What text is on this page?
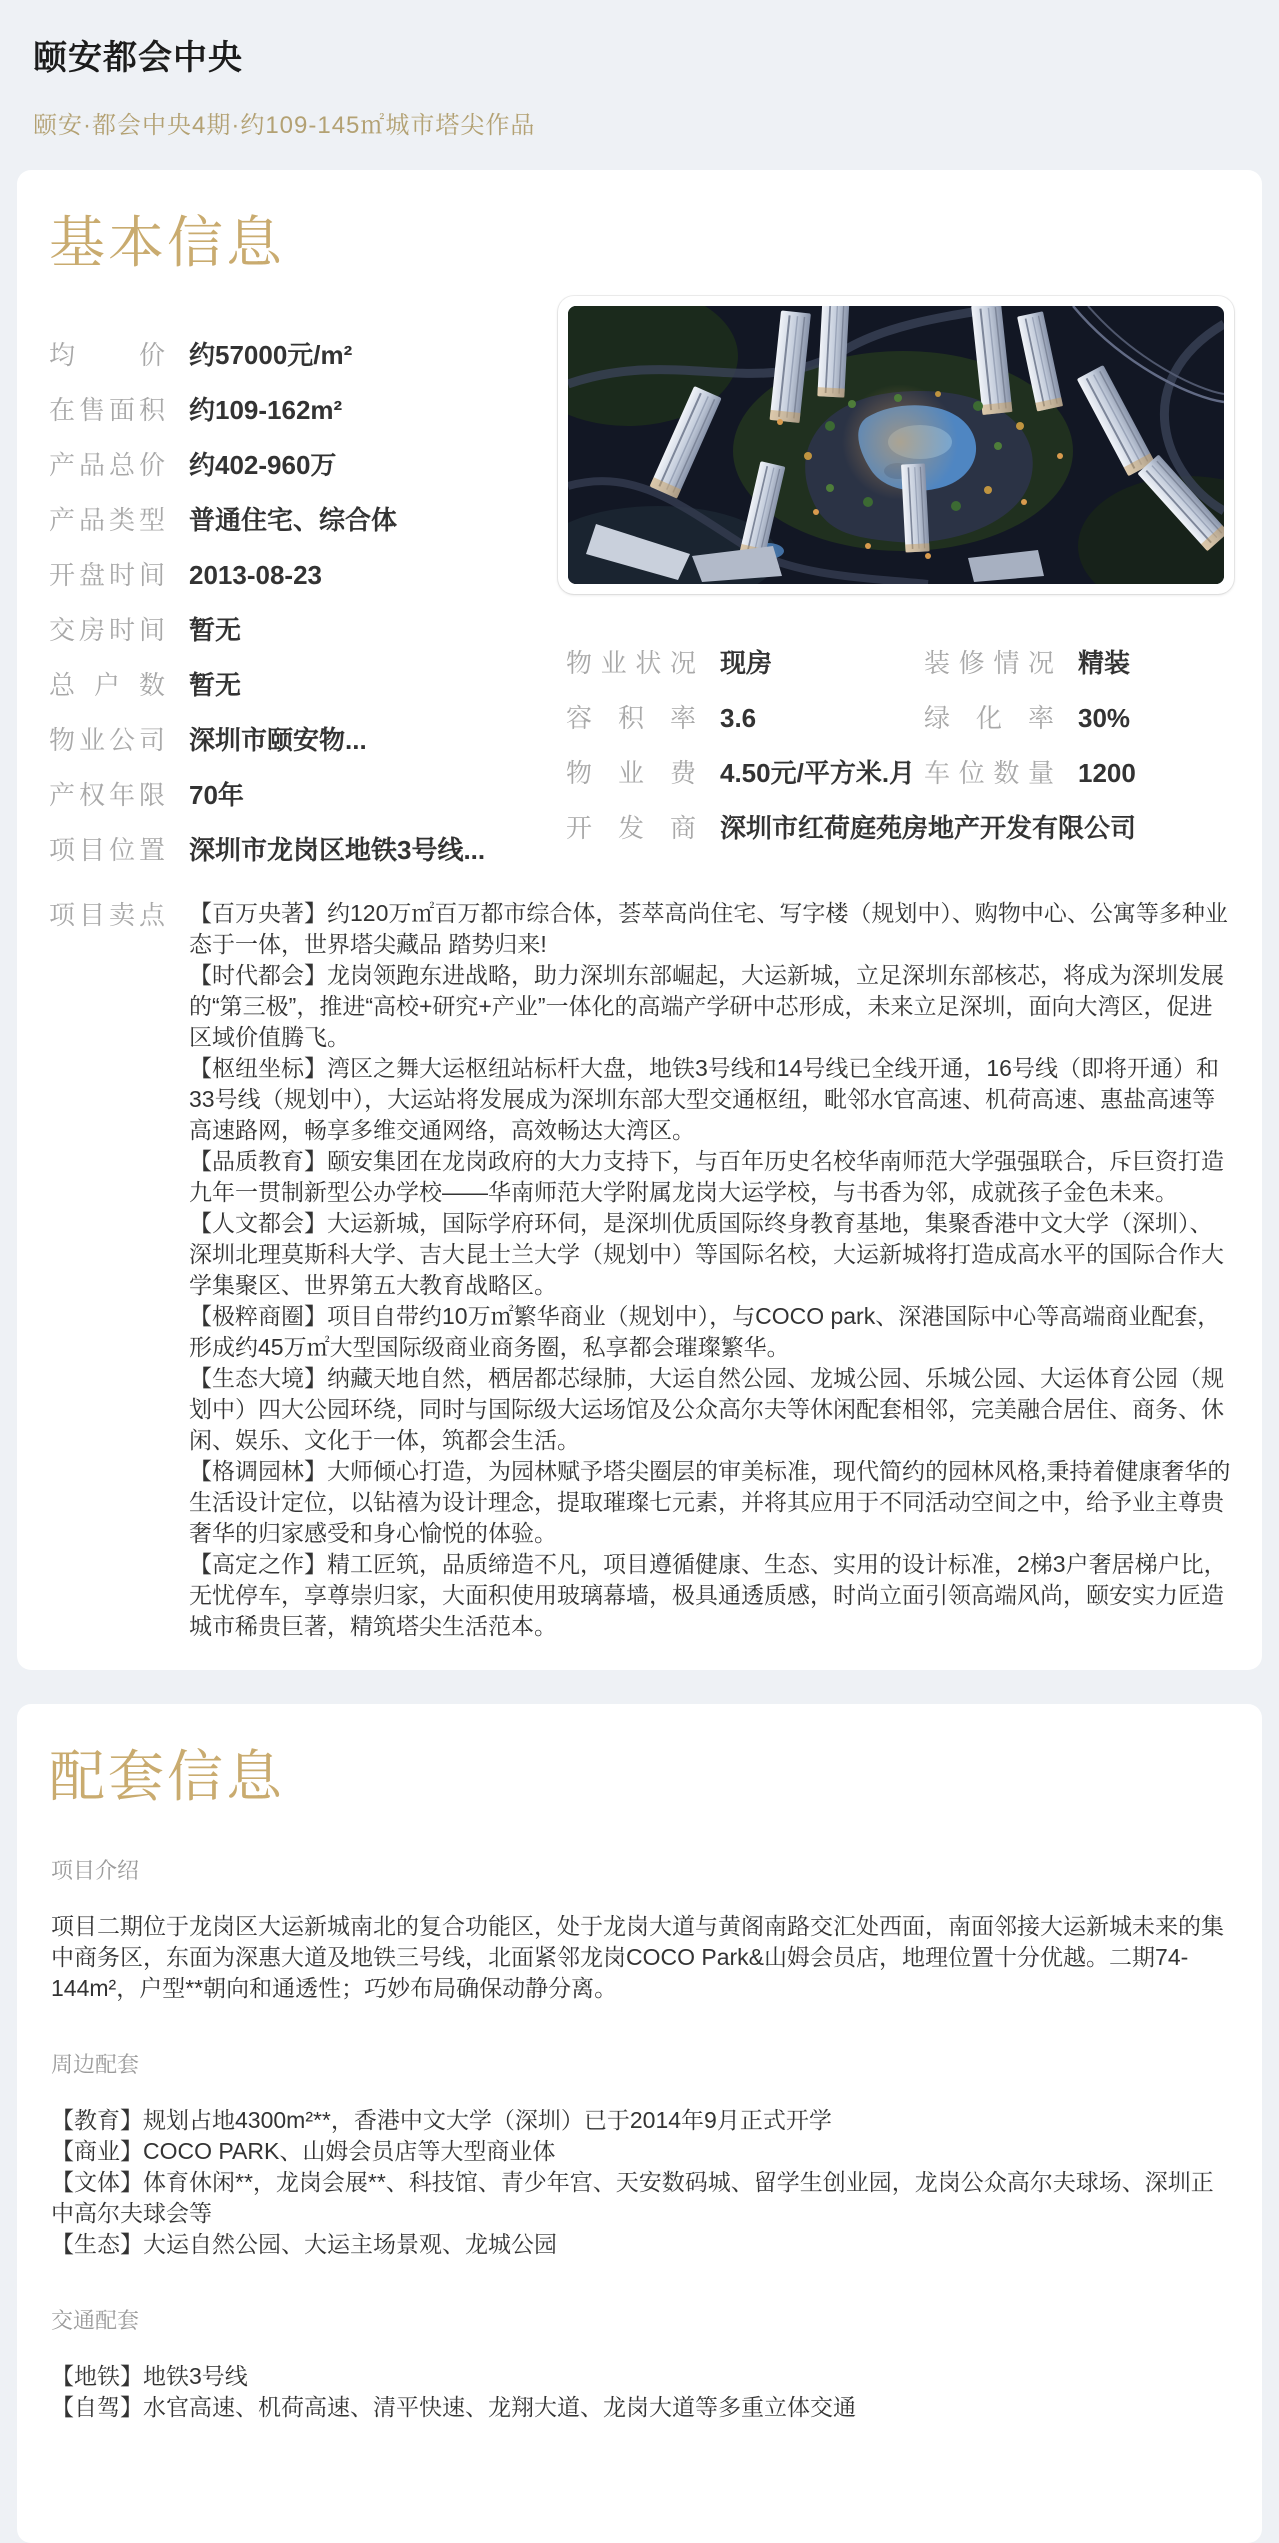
颐安都会中央
颐安·都会中央4期·约109-145㎡城市塔尖作品
基本信息
均价 约57000元/m²
在售面积 约109-162m²
产品总价 约402-960万
产品类型 普通住宅、综合体
开盘时间 2013-08-23
交房时间 暂无
总户数 暂无
物业公司 深圳市颐安物...
产权年限 70年
项目位置 深圳市龙岗区地铁3号线...
物业状况 现房	装修情况 精装
容积率 3.6	绿化率 30%
物业费 4.50元/平方米.月 车位数量 1200
开发商 深圳市红荷庭苑房地产开发有限公司
项目卖点 【百万央著】约120万㎡百万都市综合体，荟萃高尚住宅、写字楼（规划中）、购物中心、公寓等多种业态于一体，世界塔尖藏品 踏势归来!

【时代都会】龙岗领跑东进战略，助力深圳东部崛起，大运新城，立足深圳东部核芯，将成为深圳发展的“第三极”，推进“高校+研究+产业”一体化的高端产学研中芯形成，未来立足深圳，面向大湾区，促进区域价值腾飞。

【枢纽坐标】湾区之舞大运枢纽站标杆大盘，地铁3号线和14号线已全线开通，16号线（即将开通）和33号线（规划中），大运站将发展成为深圳东部大型交通枢纽，毗邻水官高速、机荷高速、惠盐高速等高速路网，畅享多维交通网络，高效畅达大湾区。

【品质教育】颐安集团在龙岗政府的大力支持下，与百年历史名校华南师范大学强强联合，斥巨资打造九年一贯制新型公办学校——华南师范大学附属龙岗大运学校，与书香为邻，成就孩子金色未来。

【人文都会】大运新城，国际学府环伺，是深圳优质国际终身教育基地，集聚香港中文大学（深圳）、深圳北理莫斯科大学、吉大昆士兰大学（规划中）等国际名校，大运新城将打造成高水平的国际合作大学集聚区、世界第五大教育战略区。

【极粹商圈】项目自带约10万㎡繁华商业（规划中），与COCO park、深港国际中心等高端商业配套，形成约45万㎡大型国际级商业商务圈，私享都会璀璨繁华。

【生态大境】纳藏天地自然，栖居都芯绿肺，大运自然公园、龙城公园、乐城公园、大运体育公园（规划中）四大公园环绕，同时与国际级大运场馆及公众高尔夫等休闲配套相邻，完美融合居住、商务、休闲、娱乐、文化于一体，筑都会生活。

【格调园林】大师倾心打造，为园林赋予塔尖圈层的审美标准，现代简约的园林风格,秉持着健康奢华的生活设计定位，以钻禧为设计理念，提取璀璨七元素，并将其应用于不同活动空间之中，给予业主尊贵奢华的归家感受和身心愉悦的体验。

【高定之作】精工匠筑，品质缔造不凡，项目遵循健康、生态、实用的设计标准，2梯3户奢居梯户比，无忧停车，享尊崇归家，大面积使用玻璃幕墙，极具通透质感，时尚立面引领高端风尚，颐安实力匠造城市稀贵巨著，精筑塔尖生活范本。

配套信息
项目介绍

项目二期位于龙岗区大运新城南北的复合功能区，处于龙岗大道与黄阁南路交汇处西面，南面邻接大运新城未来的集中商务区，东面为深惠大道及地铁三号线，北面紧邻龙岗COCO Park&山姆会员店，地理位置十分优越。二期74-144m²，户型**朝向和通透性；巧妙布局确保动静分离。

周边配套

【教育】规划占地4300m²**，香港中文大学（深圳）已于2014年9月正式开学

【商业】COCO PARK、山姆会员店等大型商业体

【文体】体育休闲**，龙岗会展**、科技馆、青少年宫、天安数码城、留学生创业园，龙岗公众高尔夫球场、深圳正中高尔夫球会等

【生态】大运自然公园、大运主场景观、龙城公园

交通配套

【地铁】地铁3号线

【自驾】水官高速、机荷高速、清平快速、龙翔大道、龙岗大道等多重立体交通
